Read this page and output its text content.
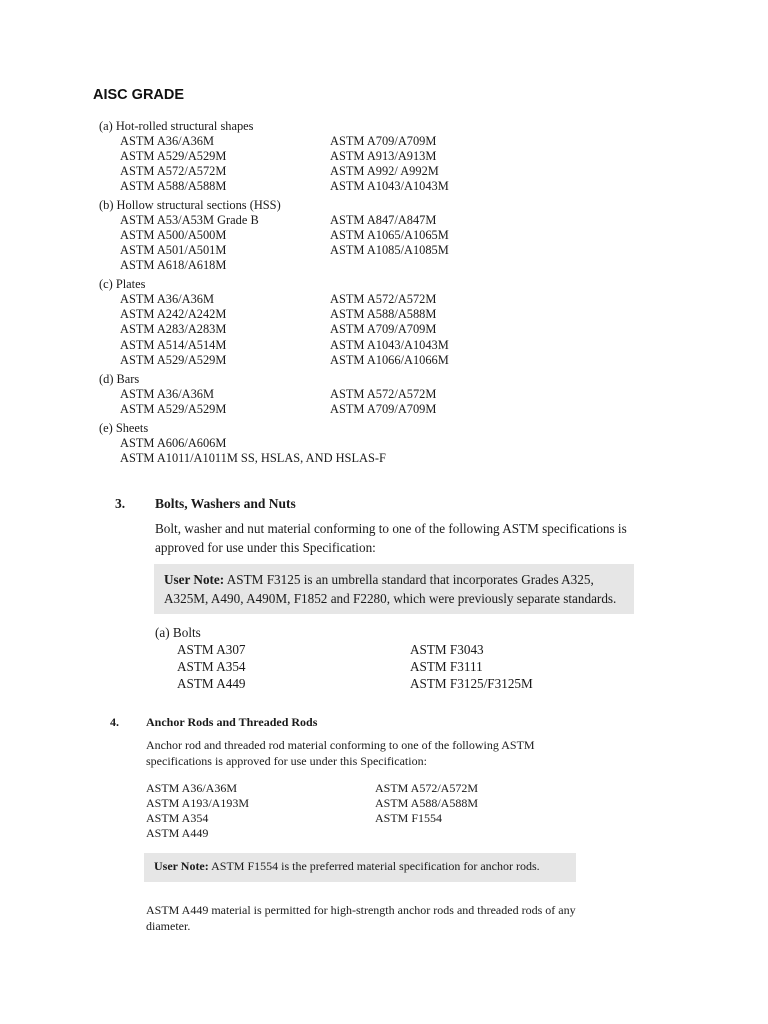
AISC GRADE
(a) Hot-rolled structural shapes
ASTM A36/A36M
ASTM A529/A529M
ASTM A572/A572M
ASTM A588/A588M
ASTM A709/A709M
ASTM A913/A913M
ASTM A992/ A992M
ASTM A1043/A1043M
(b) Hollow structural sections (HSS)
ASTM A53/A53M Grade B
ASTM A500/A500M
ASTM A501/A501M
ASTM A618/A618M
ASTM A847/A847M
ASTM A1065/A1065M
ASTM A1085/A1085M
(c) Plates
ASTM A36/A36M
ASTM A242/A242M
ASTM A283/A283M
ASTM A514/A514M
ASTM A529/A529M
ASTM A572/A572M
ASTM A588/A588M
ASTM A709/A709M
ASTM A1043/A1043M
ASTM A1066/A1066M
(d) Bars
ASTM A36/A36M
ASTM A529/A529M
ASTM A572/A572M
ASTM A709/A709M
(e) Sheets
ASTM A606/A606M
ASTM A1011/A1011M SS, HSLAS, AND HSLAS-F
3. Bolts, Washers and Nuts
Bolt, washer and nut material conforming to one of the following ASTM specifications is approved for use under this Specification:
User Note: ASTM F3125 is an umbrella standard that incorporates Grades A325, A325M, A490, A490M, F1852 and F2280, which were previously separate standards.
(a) Bolts
ASTM A307
ASTM A354
ASTM A449
ASTM F3043
ASTM F3111
ASTM F3125/F3125M
4. Anchor Rods and Threaded Rods
Anchor rod and threaded rod material conforming to one of the following ASTM specifications is approved for use under this Specification:
ASTM A36/A36M
ASTM A193/A193M
ASTM A354
ASTM A449
ASTM A572/A572M
ASTM A588/A588M
ASTM F1554
User Note: ASTM F1554 is the preferred material specification for anchor rods.
ASTM A449 material is permitted for high-strength anchor rods and threaded rods of any diameter.
